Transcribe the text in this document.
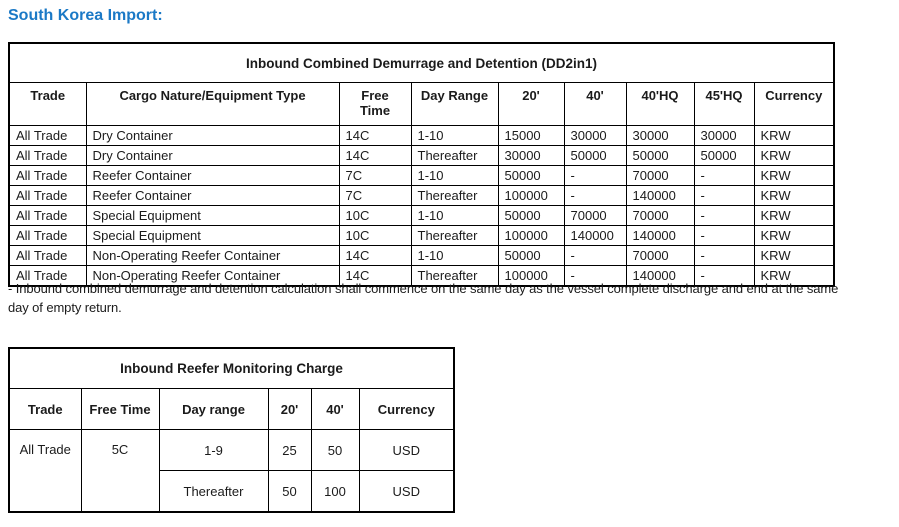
South Korea Import:
Inbound Combined Demurrage and Detention (DD2in1)								
Trade	Cargo Nature/Equipment Type	Free Time	Day Range	20'	40'	40'HQ	45'HQ	Currency
All Trade	Dry Container	14C	1-10	15000	30000	30000	30000	KRW
All Trade	Dry Container	14C	Thereafter	30000	50000	50000	50000	KRW
All Trade	Reefer Container	7C	1-10	50000	-	70000	-	KRW
All Trade	Reefer Container	7C	Thereafter	100000	-	140000	-	KRW
All Trade	Special Equipment	10C	1-10	50000	70000	70000	-	KRW
All Trade	Special Equipment	10C	Thereafter	100000	140000	140000	-	KRW
All Trade	Non-Operating Reefer Container	14C	1-10	50000	-	70000	-	KRW
All Trade	Non-Operating Reefer Container	14C	Thereafter	100000	-	140000	-	KRW
- Inbound combined demurrage and detention calculation shall commence on the same day as the vessel complete discharge and end at the same
day of empty return.
Inbound Reefer Monitoring Charge					
Trade	Free Time	Day range	20'	40'	Currency
All Trade	5C	1-9	25	50	USD
		Thereafter	50	100	USD
